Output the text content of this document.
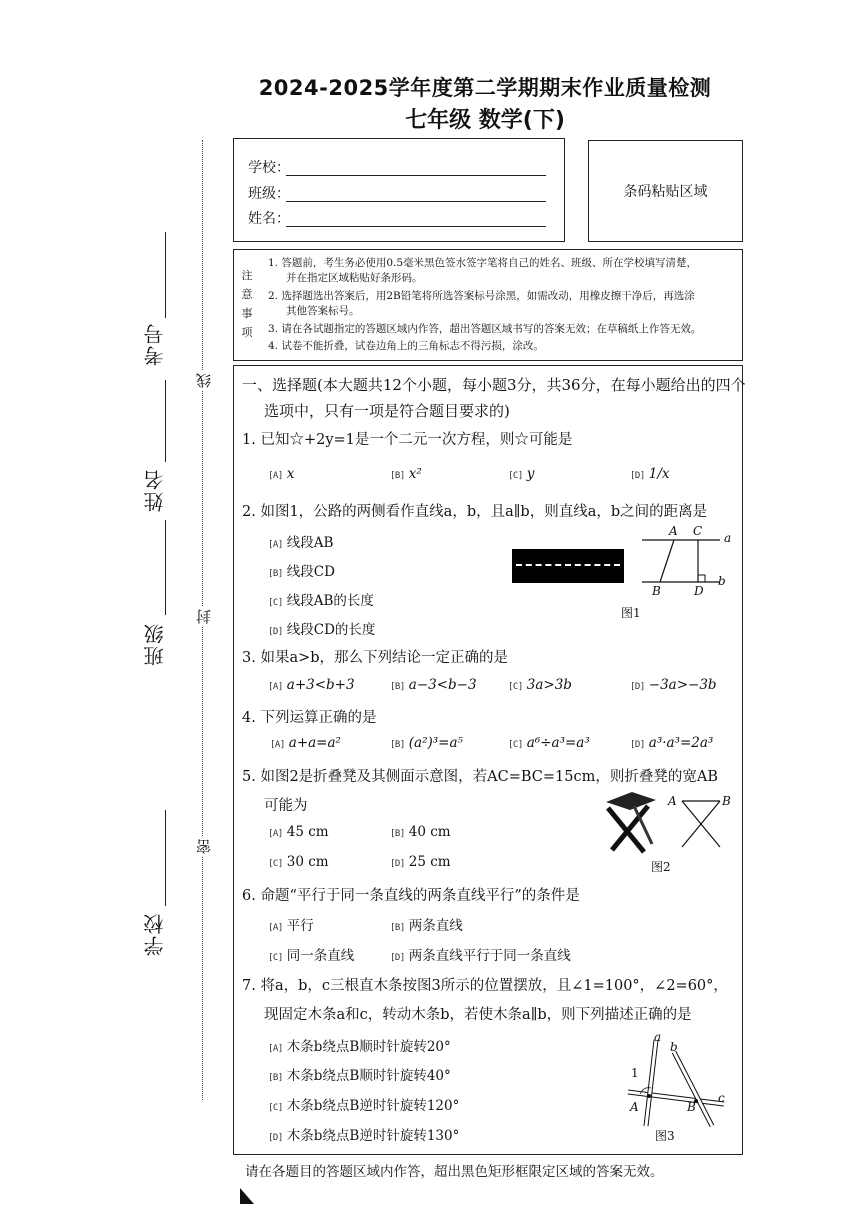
2024-2025学年度第二学期期末作业质量检测
七年级 数学(下)
学校：
班级：
姓名：
条码粘贴区域
注
意
事
项
1. 答题前，考生务必使用0.5毫米黑色签水签字笔将自己的姓名、班级、所在学校填写清楚，
并在指定区域粘贴好条形码。
2. 选择题选出答案后，用2B铅笔将所选答案标号涂黑，如需改动，用橡皮擦干净后，再选涂
其他答案标号。
3. 请在各试题指定的答题区域内作答，超出答题区域书写的答案无效；在草稿纸上作答无效。
4. 试卷不能折叠，试卷边角上的三角标志不得污损，涂改。
考号
姓名
班级
学校
线
封
密
一、选择题(本大题共12个小题，每小题3分，共36分，在每小题给出的四个
选项中，只有一项是符合题目要求的)
1. 已知☆+2y=1是一个二元一次方程，则☆可能是
[A] x	[B] x²	[C] y	[D] 1/x
2. 如图1，公路的两侧看作直线a，b，且a∥b，则直线a，b之间的距离是
[A] 线段AB
[B] 线段CD
[C] 线段AB的长度
[D] 线段CD的长度
A C a
b
B	D
图1
3. 如果a>b，那么下列结论一定正确的是
[A] a+3<b+3	[B] a−3<b−3	[C] 3a>3b	[D] −3a>−3b
4. 下列运算正确的是
[A] a+a=a²	[B] (a²)³=a⁵	[C] a⁶÷a³=a³	[D] a³·a³=2a³
5. 如图2是折叠凳及其侧面示意图，若AC=BC=15cm，则折叠凳的宽AB
可能为
[A] 45 cm	[B] 40 cm
[C] 30 cm	[D] 25 cm
A	B
图2
6. 命题“平行于同一条直线的两条直线平行”的条件是
[A] 平行	[B] 两条直线
[C] 同一条直线	[D] 两条直线平行于同一条直线
7. 将a，b，c三根直木条按图3所示的位置摆放，且∠1=100°，∠2=60°，
现固定木条a和c，转动木条b，若使木条a∥b，则下列描述正确的是
[A] 木条b绕点B顺时针旋转20°
[B] 木条b绕点B顺时针旋转40°
[C] 木条b绕点B逆时针旋转120°
[D] 木条b绕点B逆时针旋转130°
a
b
c
1
A	B
图3
请在各题目的答题区域内作答，超出黑色矩形框限定区域的答案无效。
